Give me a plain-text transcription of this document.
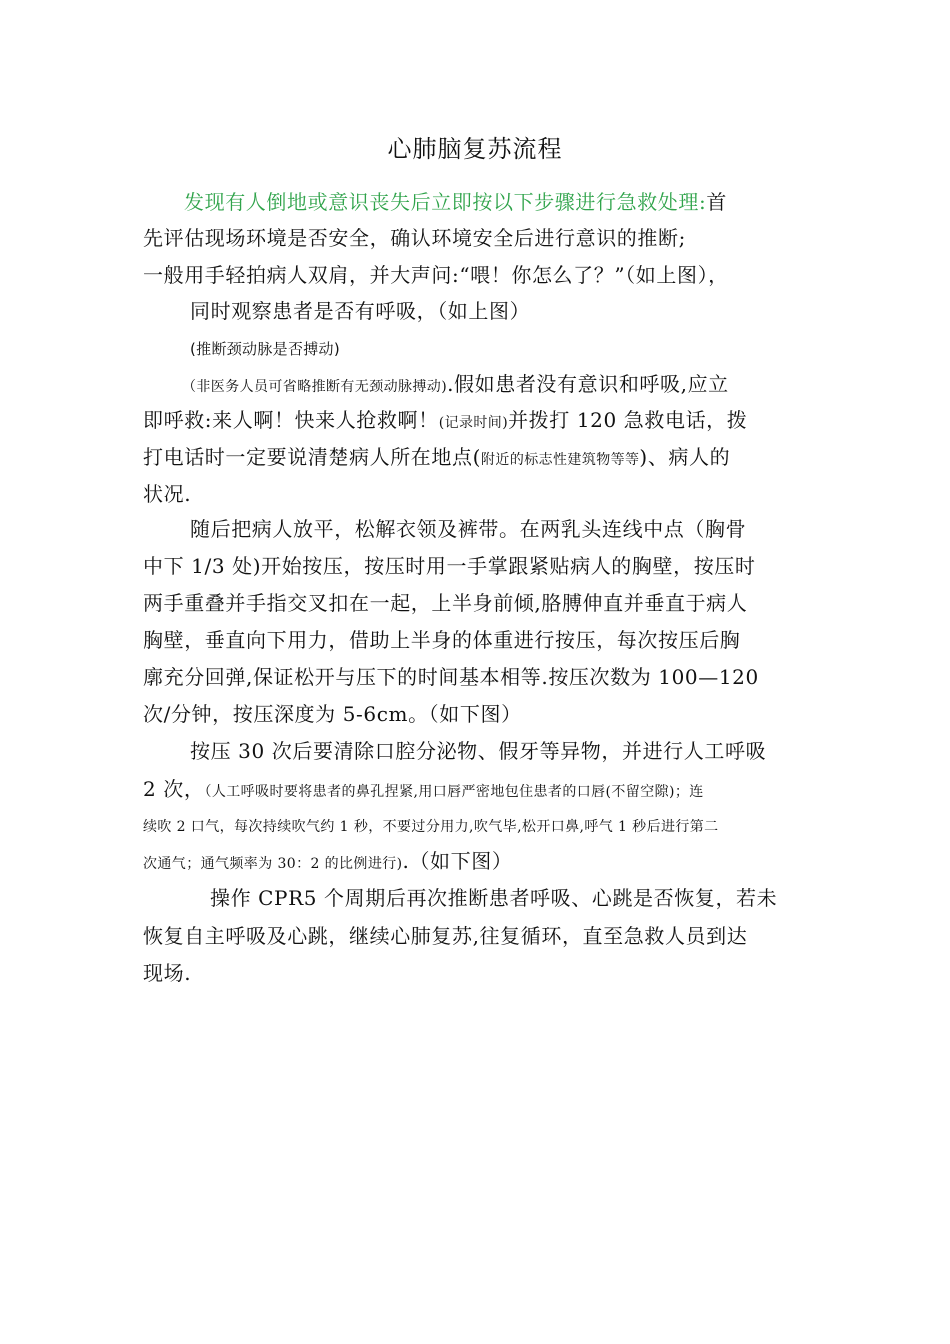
心肺脑复苏流程
发现有人倒地或意识丧失后立即按以下步骤进行急救处理:首
先评估现场环境是否安全，确认环境安全后进行意识的推断;
一般用手轻拍病人双肩，并大声问:“喂！你怎么了？”（如上图），
同时观察患者是否有呼吸，（如上图）
(推断颈动脉是否搏动)
（非医务人员可省略推断有无颈动脉搏动).假如患者没有意识和呼吸,应立
即呼救:来人啊！快来人抢救啊！(记录时间)并拨打 120 急救电话，拨
打电话时一定要说清楚病人所在地点(附近的标志性建筑物等等)、病人的
状况.
随后把病人放平，松解衣领及裤带。在两乳头连线中点（胸骨
中下 1/3 处)开始按压，按压时用一手掌跟紧贴病人的胸壁，按压时
两手重叠并手指交叉扣在一起，上半身前倾,胳膊伸直并垂直于病人
胸壁，垂直向下用力，借助上半身的体重进行按压，每次按压后胸
廓充分回弹,保证松开与压下的时间基本相等.按压次数为 100—120
次/分钟，按压深度为 5-6cm。（如下图）
按压 30 次后要清除口腔分泌物、假牙等异物，并进行人工呼吸
2 次，（人工呼吸时要将患者的鼻孔捏紧,用口唇严密地包住患者的口唇(不留空隙)；连
续吹 2 口气，每次持续吹气约 1 秒，不要过分用力,吹气毕,松开口鼻,呼气 1 秒后进行第二
次通气；通气频率为 30：2 的比例进行).（如下图）
操作 CPR5 个周期后再次推断患者呼吸、心跳是否恢复，若未
恢复自主呼吸及心跳，继续心肺复苏,往复循环，直至急救人员到达
现场.
